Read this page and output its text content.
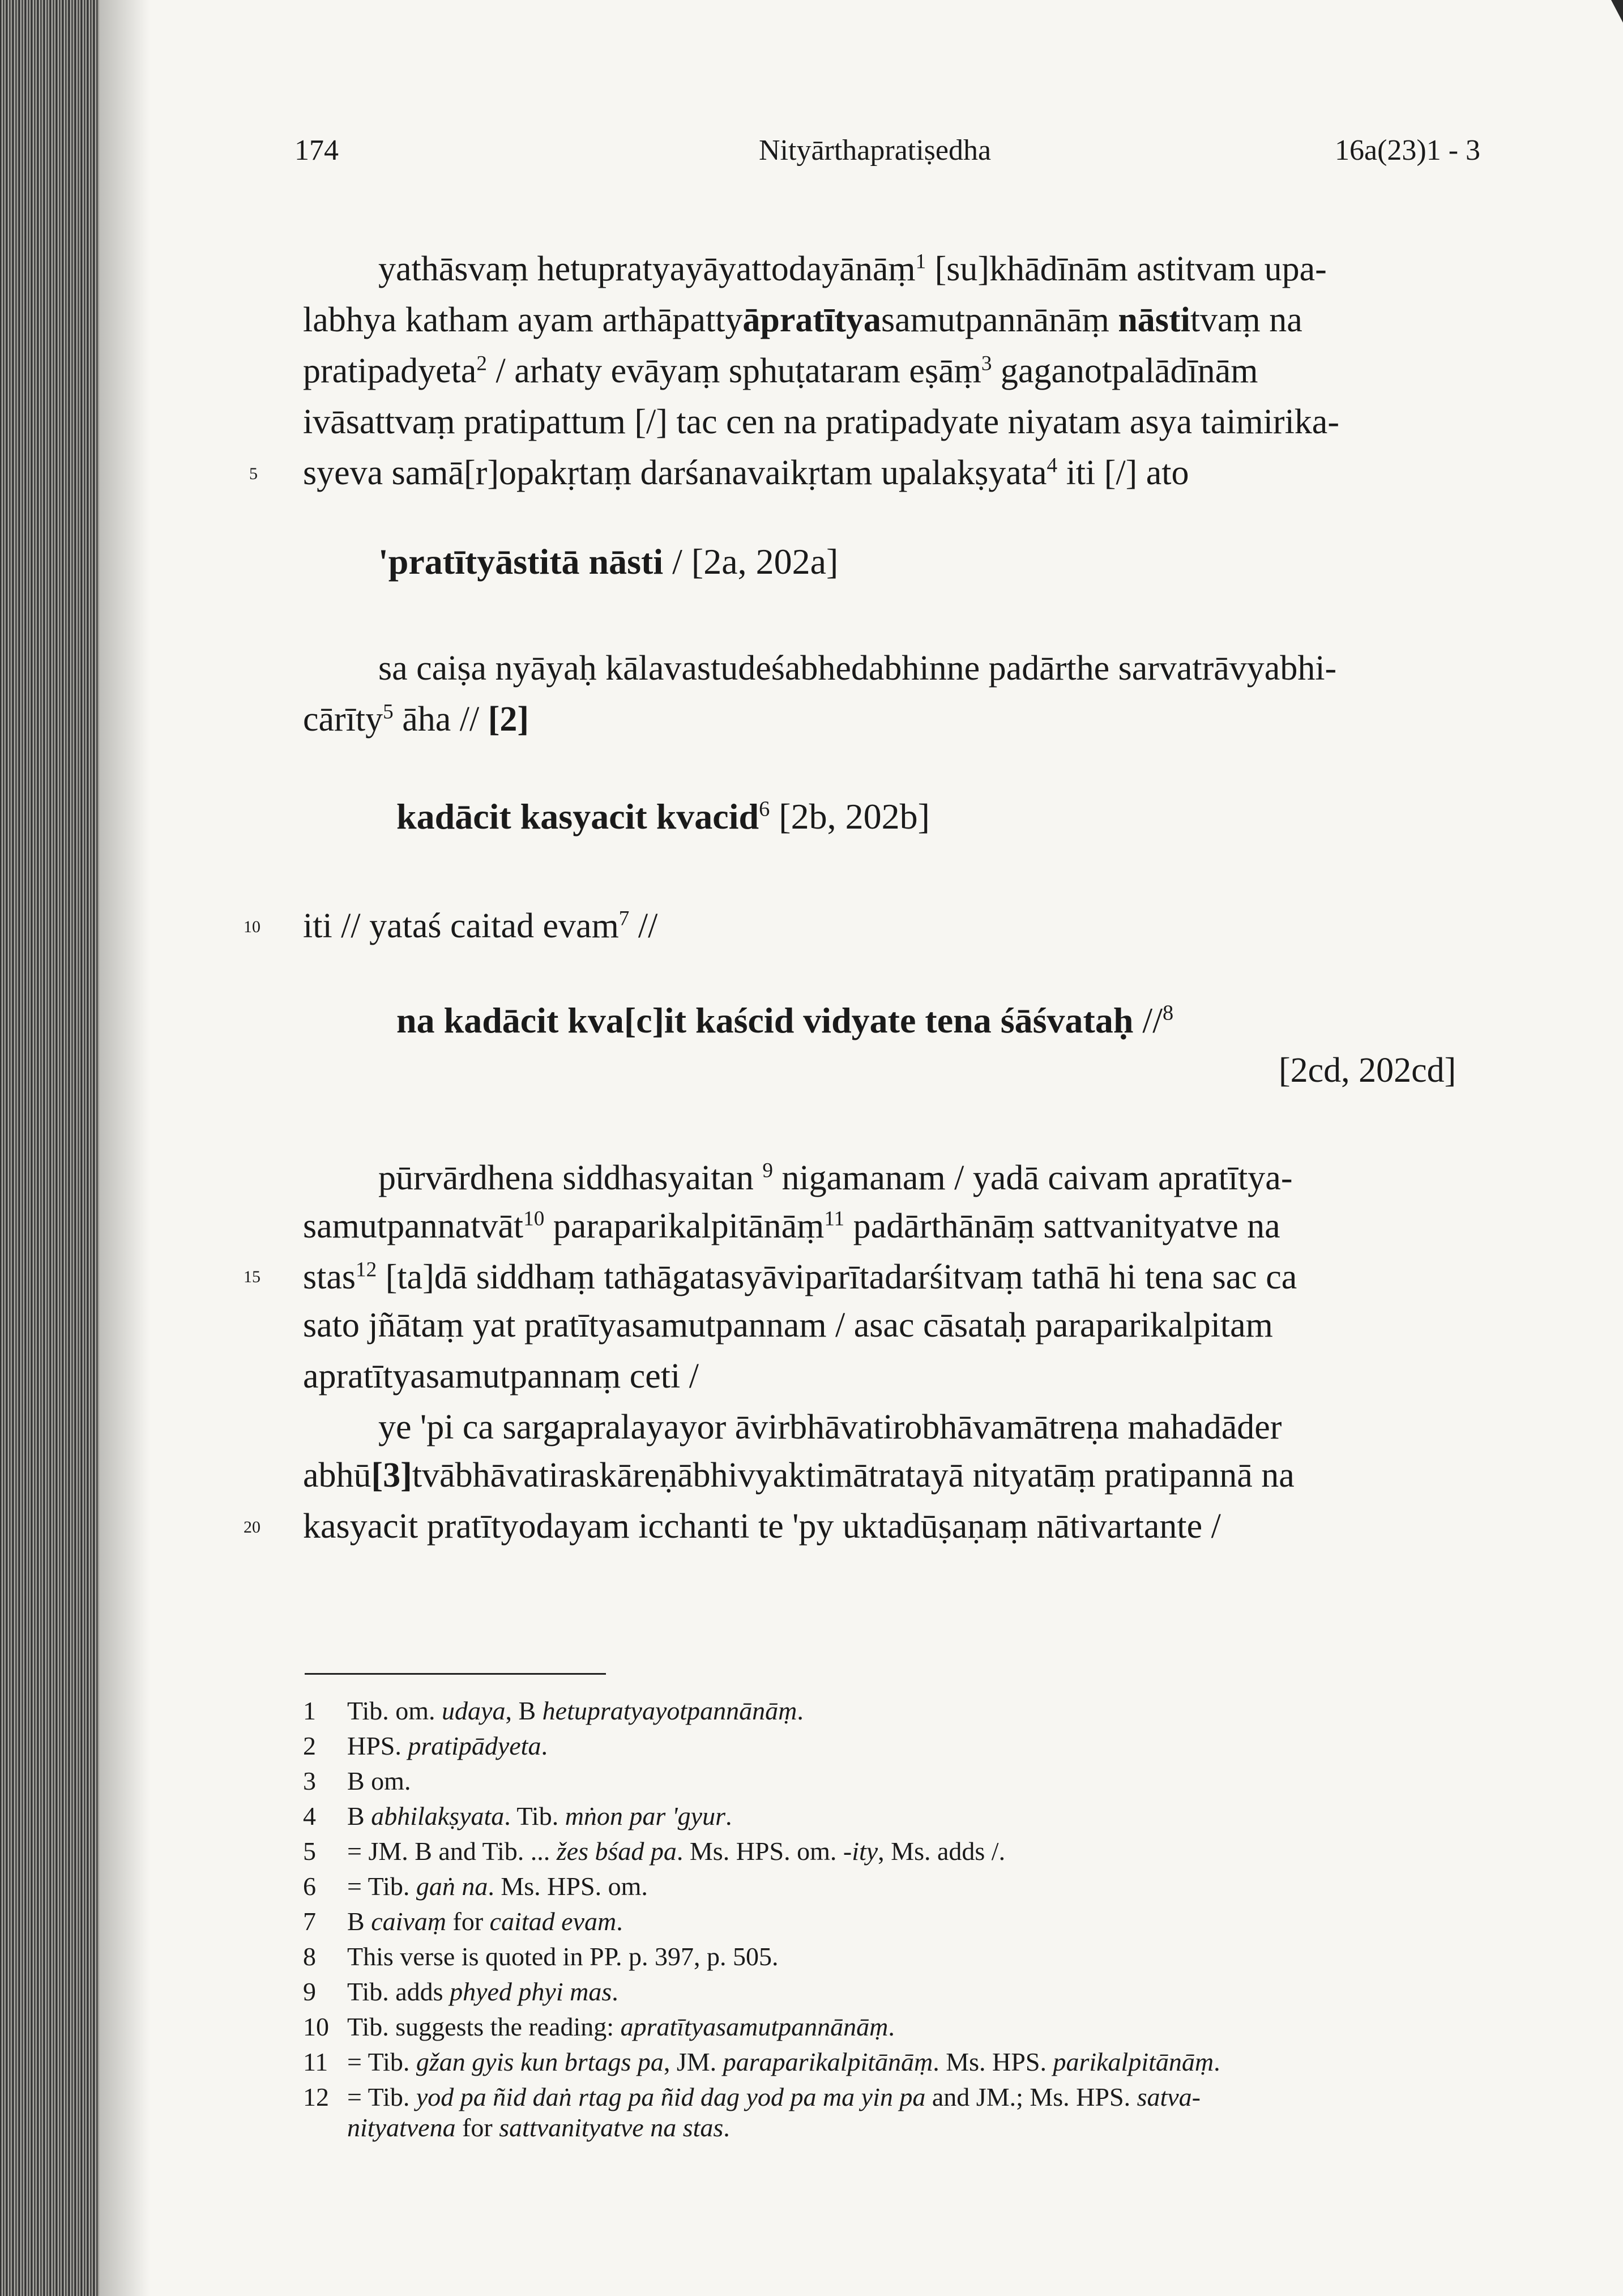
174	Nityārthapratiṣedha	16a(23)1 - 3
5
10
15
20
yathāsvaṃ hetupratyayāyattodayānāṃ$^1$ [su]khādīnām astitvam upa-
labhya katham ayam arthāpattyāpratītyasamutpannānāṃ nāstitvaṃ na
pratipadyeta$^2$ / arhaty evāyaṃ sphuṭataram eṣāṃ$^3$ gaganotpalādīnām
ivāsattvaṃ pratipattum [/] tac cen na pratipadyate niyatam asya taimirika-
syeva samā[r]opakṛtaṃ darśanavaikṛtam upalakṣyata$^4$ iti [/] ato
'pratītyāstitā nāsti / [2a, 202a]
sa caiṣa nyāyaḥ kālavastudeśabhedabhinne padārthe sarvatrāvyabhi-
cārīty$^5$ āha // [2]
kadācit kasyacit kvacid$^6$ [2b, 202b]
iti // yataś caitad evam$^7$ //
na kadācit kva[c]it kaścid vidyate tena śāśvataḥ //$^8$
[2cd, 202cd]
pūrvārdhena siddhasyaitan $^9$ nigamanam / yadā caivam apratītya-
samutpannatvāt$^{10}$ paraparikalpitānāṃ$^{11}$ padārthānāṃ sattvanityatve na
stas$^{12}$ [ta]dā siddhaṃ tathāgatasyāviparītadarśitvaṃ tathā hi tena sac ca
sato jñātaṃ yat pratītyasamutpannam / asac cāsataḥ paraparikalpitam
apratītyasamutpannaṃ ceti /
ye 'pi ca sargapralayayor āvirbhāvatirobhāvamātreṇa mahadāder
abhū[3]tvābhāvatiraskāreṇābhivyaktimātratayā nityatāṃ pratipannā na
kasyacit pratītyodayam icchanti te 'py uktadūṣaṇaṃ nātivartante /
1 Tib. om. udaya, B hetupratyayotpannānāṃ.
2 HPS. pratipādyeta.
3 B om.
4 B abhilakṣyata. Tib. mṅon par 'gyur.
5 = JM. B and Tib. ... žes bśad pa. Ms. HPS. om. -ity, Ms. adds /.
6 = Tib. gaṅ na. Ms. HPS. om.
7 B caivaṃ for caitad evam.
8 This verse is quoted in PP. p. 397, p. 505.
9 Tib. adds phyed phyi mas.
10 Tib. suggests the reading: apratītyasamutpannānāṃ.
11 = Tib. gžan gyis kun brtags pa, JM. paraparikalpitānāṃ. Ms. HPS. parikalpitānāṃ.
12 = Tib. yod pa ñid daṅ rtag pa ñid dag yod pa ma yin pa and JM.; Ms. HPS. satva-
nityatvena for sattvanityatve na stas.
